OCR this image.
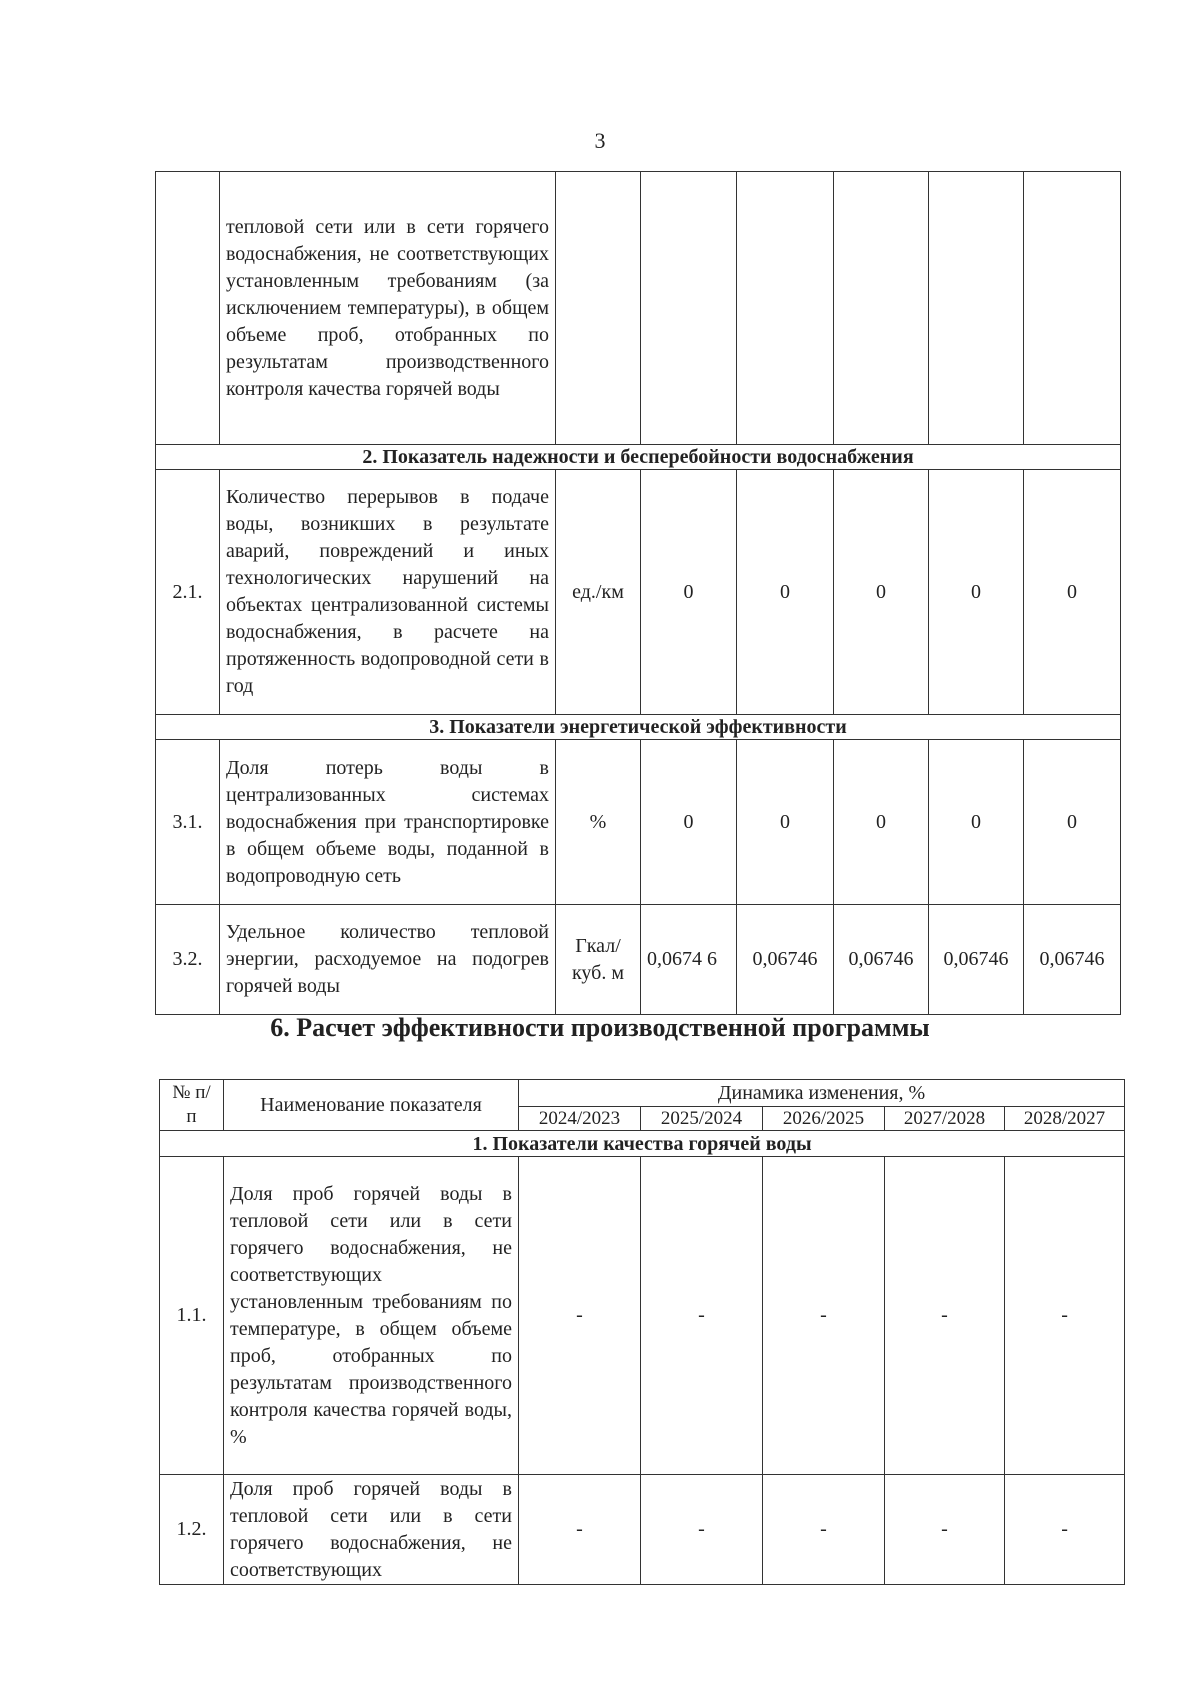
3
	тепловой сети или в сети горячего водоснабжения, не соответствующих установленным требованиям (за исключением температуры), в общем объеме проб, отобранных по результатам производственного контроля качества горячей воды						
2. Показатель надежности и бесперебойности водоснабжения							
2.1.	Количество перерывов в подаче воды, возникших в результате аварий, повреждений и иных технологических нарушений на объектах централизованной системы водоснабжения, в расчете на протяженность водопроводной сети в год	ед./км	0	0	0	0	0
3. Показатели энергетической эффективности							
3.1.	Доля потерь воды в централизованных системах водоснабжения при транспортировке в общем объеме воды, поданной в водопроводную сеть	%	0	0	0	0	0
3.2.	Удельное количество тепловой энергии, расходуемое на подогрев горячей воды	Гкал/ куб. м	0,0674 6	0,06746	0,06746	0,06746	0,06746
6. Расчет эффективности производственной программы
№ п/п	Наименование показателя	Динамика изменения, %				
		2024/2023	2025/2024	2026/2025	2027/2028	2028/2027
1. Показатели качества горячей воды						
1.1.	Доля проб горячей воды в тепловой сети или в сети горячего водоснабжения, не соответствующих установленным требованиям по температуре, в общем объеме проб, отобранных по результатам производственного контроля качества горячей воды, %	-	-	-	-	-
1.2.	Доля проб горячей воды в тепловой сети или в сети горячего водоснабжения, не соответствующих	-	-	-	-	-
